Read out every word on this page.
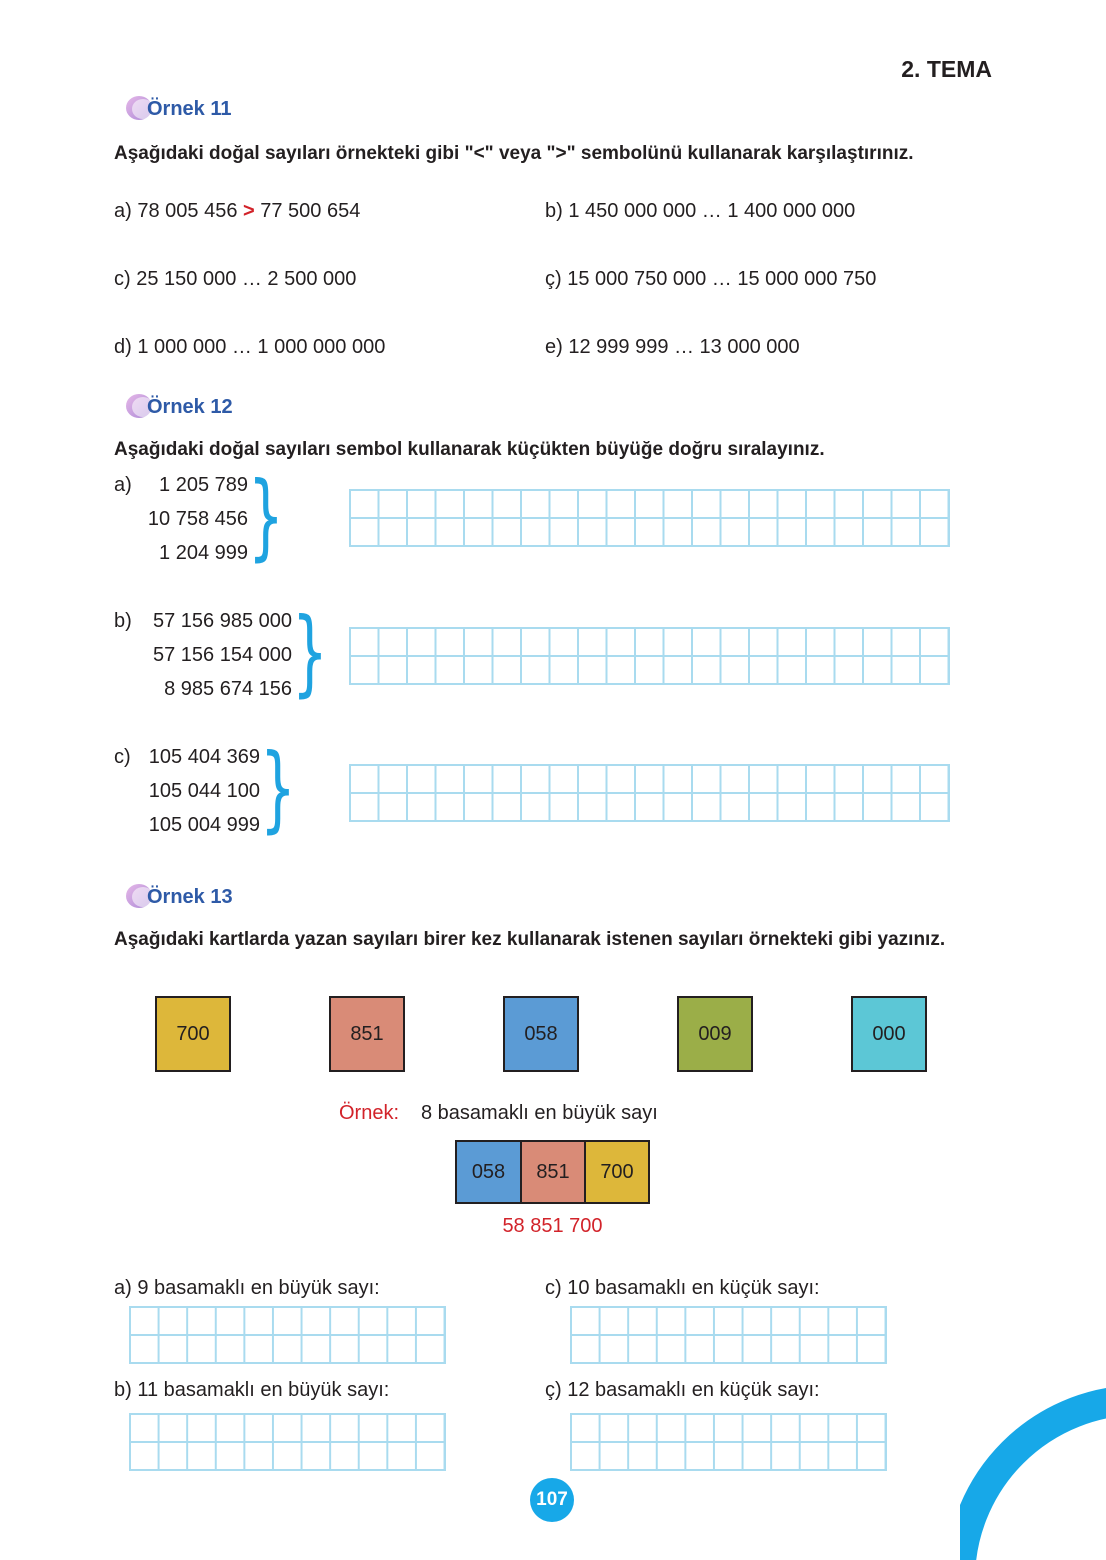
2. TEMA
Örnek 11
Aşağıdaki doğal sayıları örnekteki gibi "<" veya ">" sembolünü kullanarak karşılaştırınız.
a) 78 005 456 > 77 500 654	b) 1 450 000 000 … 1 400 000 000
c) 25 150 000 … 2 500 000	ç) 15 000 750 000 … 15 000 000 750
d) 1 000 000 … 1 000 000 000	e) 12 999 999 … 13 000 000
Örnek 12
Aşağıdaki doğal sayıları sembol kullanarak küçükten büyüğe doğru sıralayınız.
a)	1 205 789
10 758 456
1 204 999 }
b)	57 156 985 000
57 156 154 000
8 985 674 156 }
c) 105 404 369
105 044 100
105 004 999 }
Örnek 13
Aşağıdaki kartlarda yazan sayıları birer kez kullanarak istenen sayıları örnekteki gibi yazınız.
700	851	058	009	000
Örnek: 8 basamaklı en büyük sayı
058	851	700
58 851 700
a) 9 basamaklı en büyük sayı:	c) 10 basamaklı en küçük sayı:
b) 11 basamaklı en büyük sayı:	ç) 12 basamaklı en küçük sayı:
107
